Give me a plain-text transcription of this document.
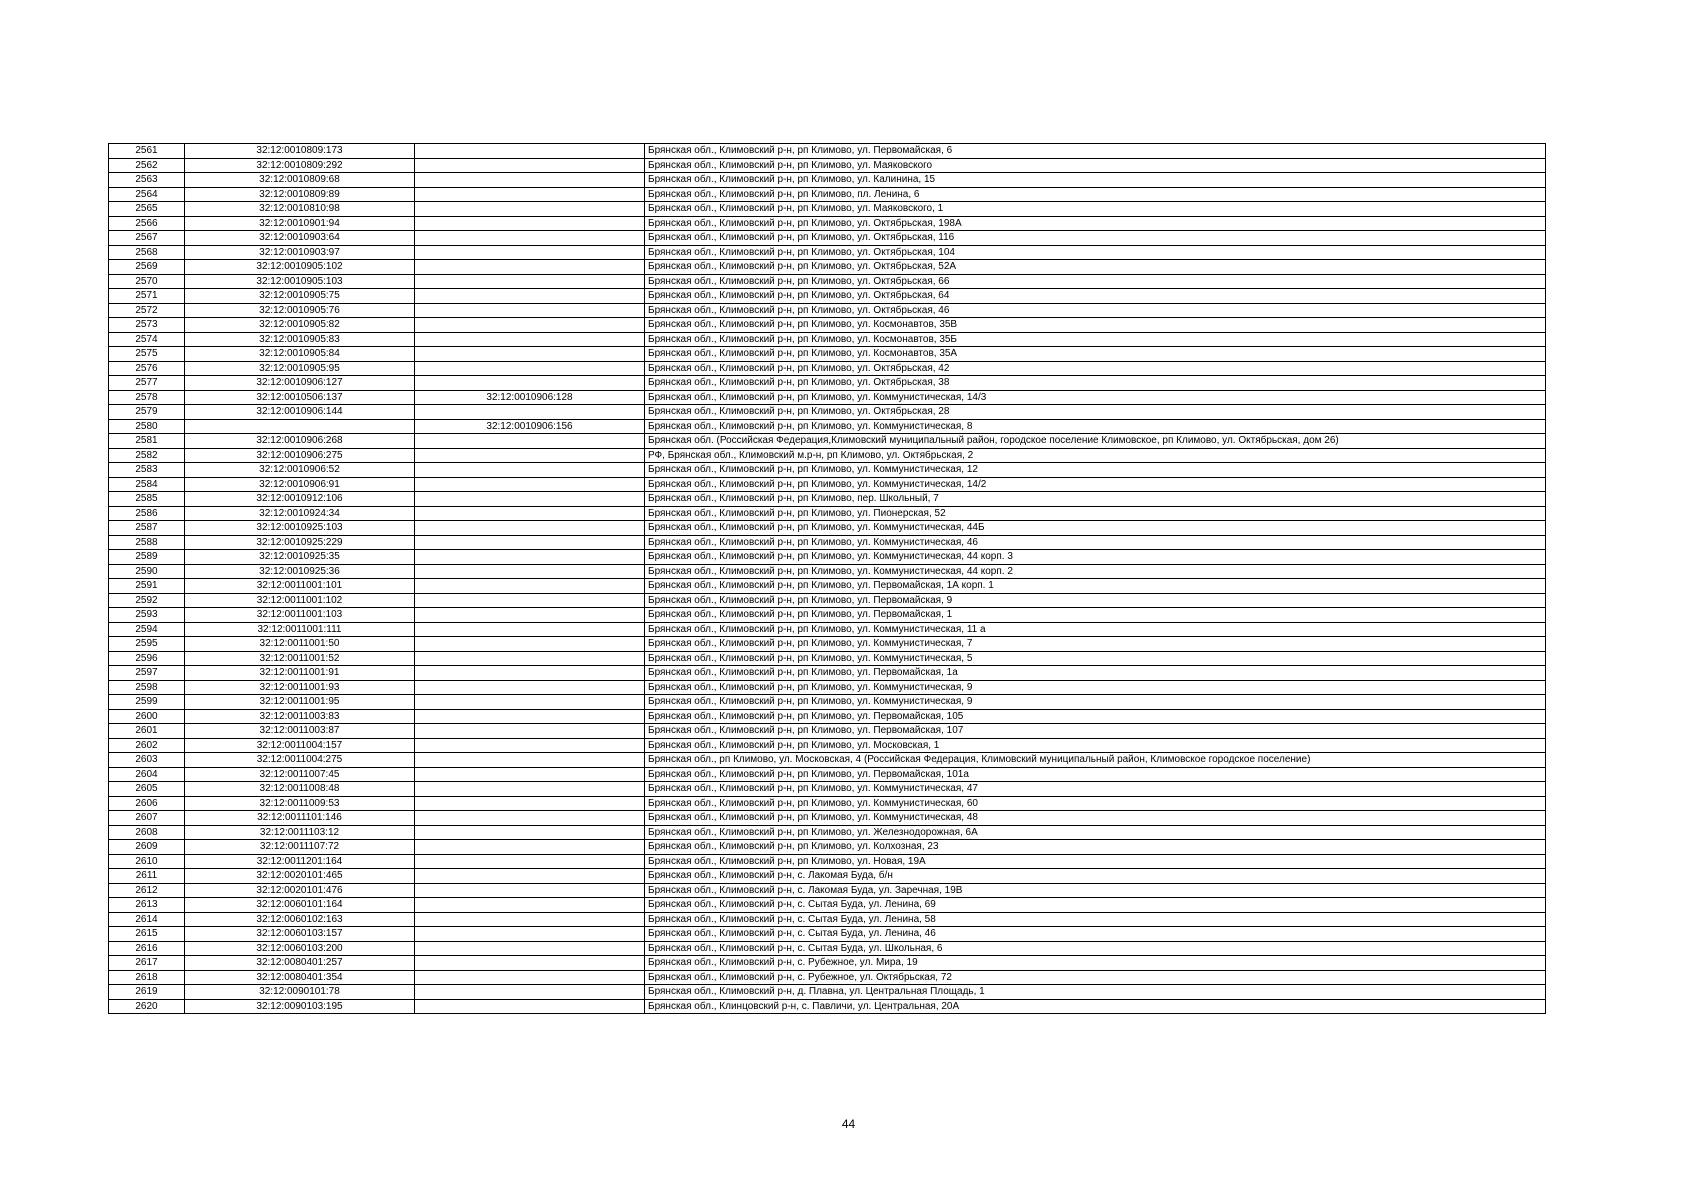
2561	32:12:0010809:173		Брянская обл., Климовский р-н, рп Климово, ул. Первомайская, 6
2562	32:12:0010809:292		Брянская обл., Климовский р-н, рп Климово, ул. Маяковского
2563	32:12:0010809:68		Брянская обл., Климовский р-н, рп Климово, ул. Калинина, 15
2564	32:12:0010809:89		Брянская обл., Климовский р-н, рп Климово, пл. Ленина, 6
2565	32:12:0010810:98		Брянская обл., Климовский р-н, рп Климово, ул. Маяковского, 1
2566	32:12:0010901:94		Брянская обл., Климовский р-н, рп Климово, ул. Октябрьская, 198А
2567	32:12:0010903:64		Брянская обл., Климовский р-н, рп Климово, ул. Октябрьская, 116
2568	32:12:0010903:97		Брянская обл., Климовский р-н, рп Климово, ул. Октябрьская, 104
2569	32:12:0010905:102		Брянская обл., Климовский р-н, рп Климово, ул. Октябрьская, 52А
2570	32:12:0010905:103		Брянская обл., Климовский р-н, рп Климово, ул. Октябрьская, 66
2571	32:12:0010905:75		Брянская обл., Климовский р-н, рп Климово, ул. Октябрьская, 64
2572	32:12:0010905:76		Брянская обл., Климовский р-н, рп Климово, ул. Октябрьская, 46
2573	32:12:0010905:82		Брянская обл., Климовский р-н, рп Климово, ул. Космонавтов, 35В
2574	32:12:0010905:83		Брянская обл., Климовский р-н, рп Климово, ул. Космонавтов, 35Б
2575	32:12:0010905:84		Брянская обл., Климовский р-н, рп Климово, ул. Космонавтов, 35А
2576	32:12:0010905:95		Брянская обл., Климовский р-н, рп Климово, ул. Октябрьская, 42
2577	32:12:0010906:127		Брянская обл., Климовский р-н, рп Климово, ул. Октябрьская, 38
2578	32:12:0010506:137	32:12:0010906:128	Брянская обл., Климовский р-н, рп Климово, ул. Коммунистическая, 14/3
2579	32:12:0010906:144		Брянская обл., Климовский р-н, рп Климово, ул. Октябрьская, 28
2580		32:12:0010906:156	Брянская обл., Климовский р-н, рп Климово, ул. Коммунистическая, 8
2581	32:12:0010906:268		Брянская обл. (Российская Федерация,Климовский муниципальный район, городское поселение Климовское, рп Климово, ул. Октябрьская, дом 26)
2582	32:12:0010906:275		РФ, Брянская обл., Климовский м.р-н, рп Климово, ул. Октябрьская, 2
2583	32:12:0010906:52		Брянская обл., Климовский р-н, рп Климово, ул. Коммунистическая, 12
2584	32:12:0010906:91		Брянская обл., Климовский р-н, рп Климово, ул. Коммунистическая, 14/2
2585	32:12:0010912:106		Брянская обл., Климовский р-н, рп Климово, пер. Школьный, 7
2586	32:12:0010924:34		Брянская обл., Климовский р-н, рп Климово, ул. Пионерская, 52
2587	32:12:0010925:103		Брянская обл., Климовский р-н, рп Климово, ул. Коммунистическая, 44Б
2588	32:12:0010925:229		Брянская обл., Климовский р-н, рп Климово, ул. Коммунистическая, 46
2589	32:12:0010925:35		Брянская обл., Климовский р-н, рп Климово, ул. Коммунистическая, 44 корп. 3
2590	32:12:0010925:36		Брянская обл., Климовский р-н, рп Климово, ул. Коммунистическая, 44 корп. 2
2591	32:12:0011001:101		Брянская обл., Климовский р-н, рп Климово, ул. Первомайская, 1А корп. 1
2592	32:12:0011001:102		Брянская обл., Климовский р-н, рп Климово, ул. Первомайская, 9
2593	32:12:0011001:103		Брянская обл., Климовский р-н, рп Климово, ул. Первомайская, 1
2594	32:12:0011001:111		Брянская обл., Климовский р-н, рп Климово, ул. Коммунистическая, 11 а
2595	32:12:0011001:50		Брянская обл., Климовский р-н, рп Климово, ул. Коммунистическая, 7
2596	32:12:0011001:52		Брянская обл., Климовский р-н, рп Климово, ул. Коммунистическая, 5
2597	32:12:0011001:91		Брянская обл., Климовский р-н, рп Климово, ул. Первомайская, 1а
2598	32:12:0011001:93		Брянская обл., Климовский р-н, рп Климово, ул. Коммунистическая, 9
2599	32:12:0011001:95		Брянская обл., Климовский р-н, рп Климово, ул. Коммунистическая, 9
2600	32:12:0011003:83		Брянская обл., Климовский р-н, рп Климово, ул. Первомайская, 105
2601	32:12:0011003:87		Брянская обл., Климовский р-н, рп Климово, ул. Первомайская, 107
2602	32:12:0011004:157		Брянская обл., Климовский р-н, рп Климово, ул. Московская, 1
2603	32:12:0011004:275		Брянская обл., рп Климово, ул. Московская, 4 (Российская Федерация, Климовский муниципальный район, Климовское городское поселение)
2604	32:12:0011007:45		Брянская обл., Климовский р-н, рп Климово, ул. Первомайская, 101а
2605	32:12:0011008:48		Брянская обл., Климовский р-н, рп Климово, ул. Коммунистическая, 47
2606	32:12:0011009:53		Брянская обл., Климовский р-н, рп Климово, ул. Коммунистическая, 60
2607	32:12:0011101:146		Брянская обл., Климовский р-н, рп Климово, ул. Коммунистическая, 48
2608	32:12:0011103:12		Брянская обл., Климовский р-н, рп Климово, ул. Железнодорожная, 6А
2609	32:12:0011107:72		Брянская обл., Климовский р-н, рп Климово, ул. Колхозная, 23
2610	32:12:0011201:164		Брянская обл., Климовский р-н, рп Климово, ул. Новая, 19А
2611	32:12:0020101:465		Брянская обл., Климовский р-н, с. Лакомая Буда, б/н
2612	32:12:0020101:476		Брянская обл., Климовский р-н, с. Лакомая Буда, ул. Заречная, 19В
2613	32:12:0060101:164		Брянская обл., Климовский р-н, с. Сытая Буда, ул. Ленина, 69
2614	32:12:0060102:163		Брянская обл., Климовский р-н, с. Сытая Буда, ул. Ленина, 58
2615	32:12:0060103:157		Брянская обл., Климовский р-н, с. Сытая Буда, ул. Ленина, 46
2616	32:12:0060103:200		Брянская обл., Климовский р-н, с. Сытая Буда, ул. Школьная, 6
2617	32:12:0080401:257		Брянская обл., Климовский р-н, с. Рубежное, ул. Мира, 19
2618	32:12:0080401:354		Брянская обл., Климовский р-н, с. Рубежное, ул. Октябрьская, 72
2619	32:12:0090101:78		Брянская обл., Климовский р-н, д. Плавна, ул. Центральная Площадь, 1
2620	32:12:0090103:195		Брянская обл., Клинцовский р-н, с. Павличи, ул. Центральная, 20А
44
